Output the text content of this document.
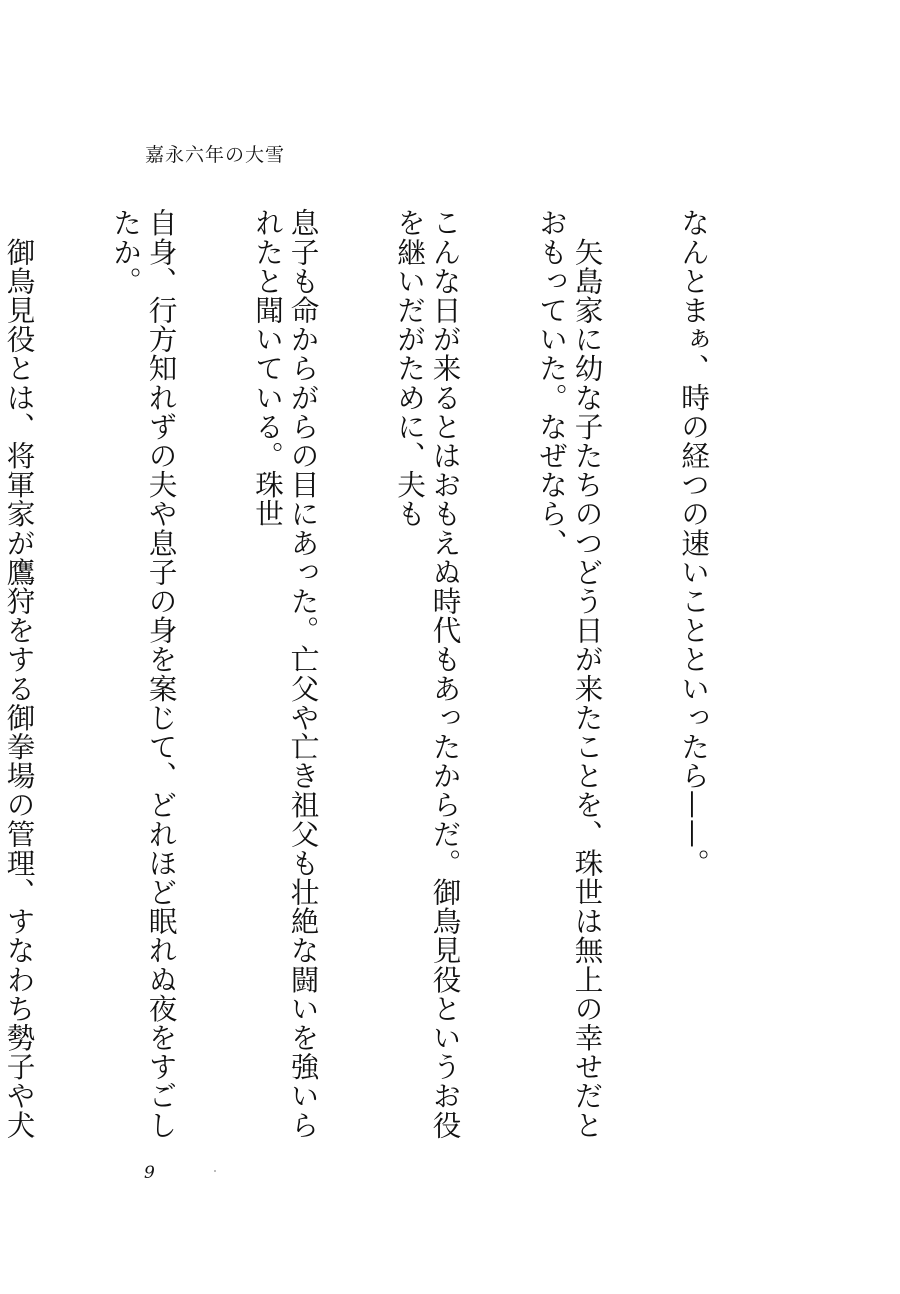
嘉永六年の大雪

なんとまぁ、時の経つの速いことといったら——。

　矢島家に幼な子たちのつどう日が来たことを、珠世は無上の幸せだとおもっていた。なぜなら、

こんな日が来るとはおもえぬ時代もあったからだ。御鳥見役というお役を継いだがために、夫も

息子も命からがらの目にあった。亡父や亡き祖父も壮絶な闘いを強いられたと聞いている。珠世

自身、行方知れずの夫や息子の身を案じて、どれほど眠れぬ夜をすごしたか。

　御鳥見役とは、将軍家が鷹狩をする御拳場の管理、すなわち勢子や犬

9
